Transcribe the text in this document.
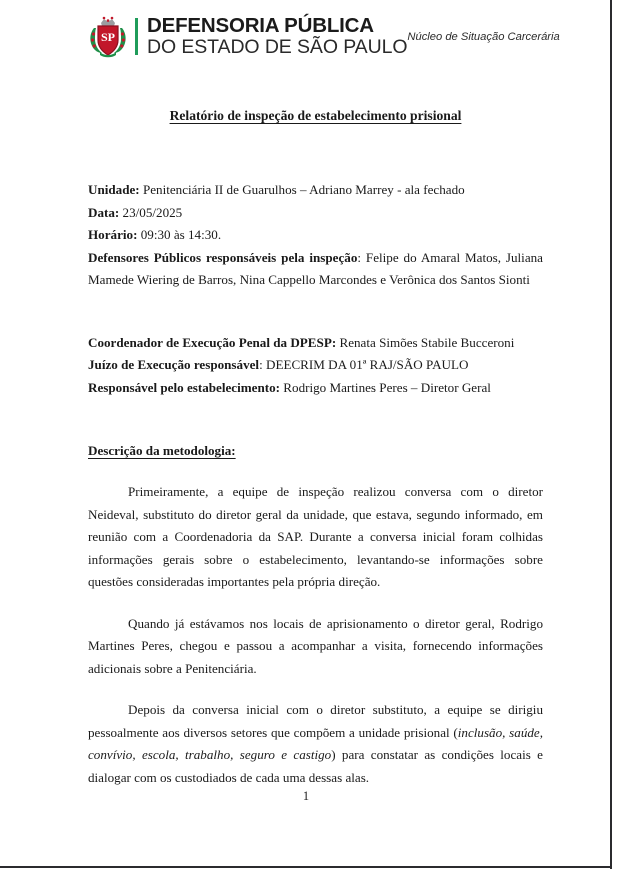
SP DEFENSORIA PÚBLICA
DO ESTADO DE SÃO PAULO Núcleo de Situação Carcerária
Relatório de inspeção de estabelecimento prisional

Unidade: Penitenciária II de Guarulhos – Adriano Marrey - ala fechado

Data: 23/05/2025

Horário: 09:30 às 14:30.

Defensores Públicos responsáveis pela inspeção: Felipe do Amaral Matos, Juliana Mamede Wiering de Barros, Nina Cappello Marcondes e Verônica dos Santos Sionti

Coordenador de Execução Penal da DPESP: Renata Simões Stabile Bucceroni

Juízo de Execução responsável: DEECRIM DA 01ª RAJ/SÃO PAULO

Responsável pelo estabelecimento: Rodrigo Martines Peres – Diretor Geral

Descrição da metodologia:

Primeiramente, a equipe de inspeção realizou conversa com o diretor Neideval, substituto do diretor geral da unidade, que estava, segundo informado, em reunião com a Coordenadoria da SAP. Durante a conversa inicial foram colhidas informações gerais sobre o estabelecimento, levantando-se informações sobre questões consideradas importantes pela própria direção.

Quando já estávamos nos locais de aprisionamento o diretor geral, Rodrigo Martines Peres, chegou e passou a acompanhar a visita, fornecendo informações adicionais sobre a Penitenciária.

Depois da conversa inicial com o diretor substituto, a equipe se dirigiu pessoalmente aos diversos setores que compõem a unidade prisional (inclusão, saúde, convívio, escola, trabalho, seguro e castigo) para constatar as condições locais e dialogar com os custodiados de cada uma dessas alas.

1
